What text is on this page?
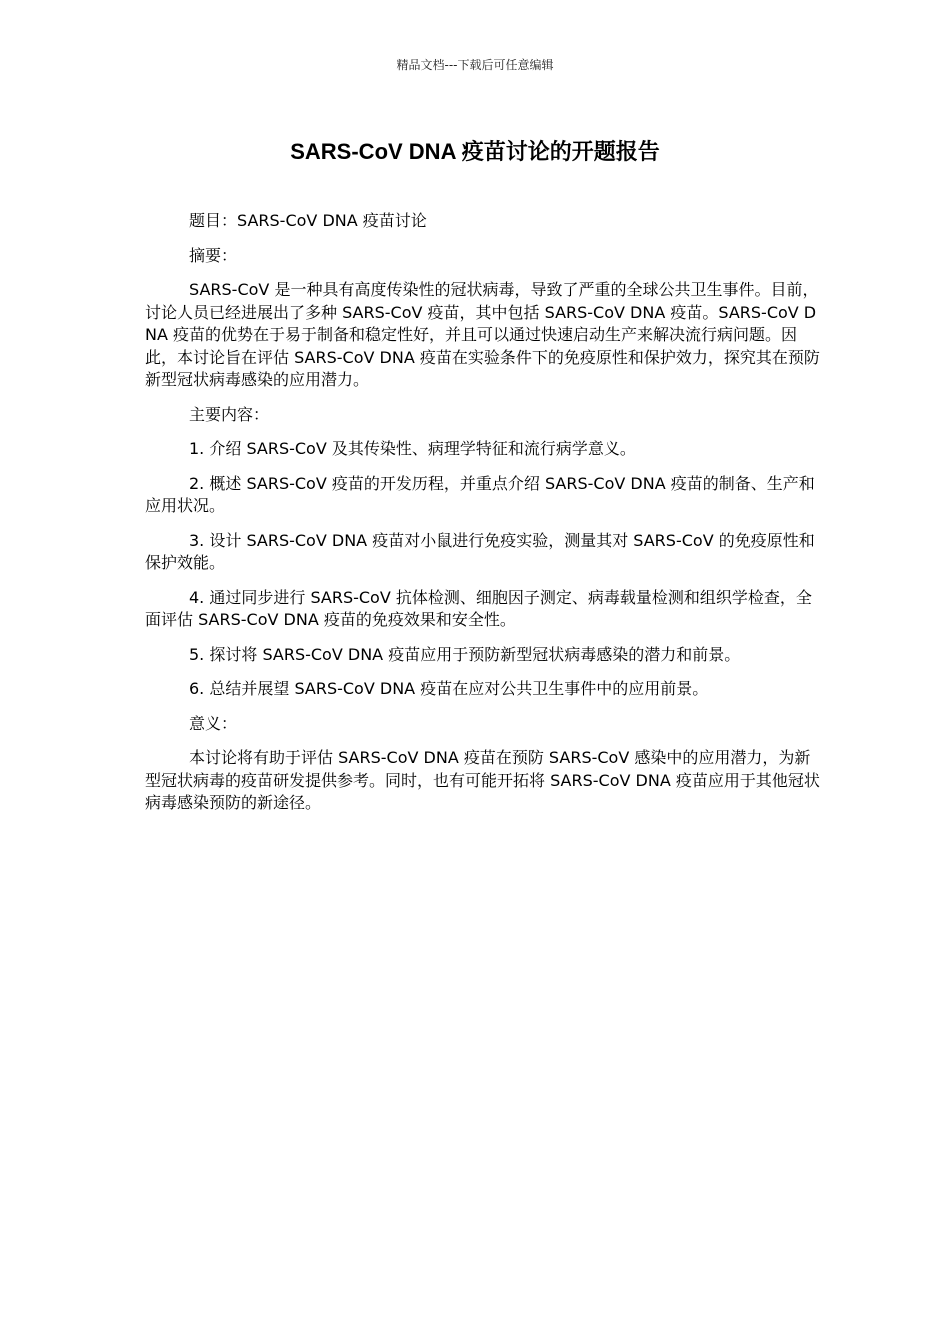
精品文档---下载后可任意编辑
SARS-CoV DNA 疫苗讨论的开题报告

题目：SARS-CoV DNA 疫苗讨论

摘要：

SARS-CoV 是一种具有高度传染性的冠状病毒，导致了严重的全球公共卫生事件。目前，讨论人员已经进展出了多种 SARS-CoV 疫苗，其中包括 SARS-CoV DNA 疫苗。SARS-CoV DNA 疫苗的优势在于易于制备和稳定性好，并且可以通过快速启动生产来解决流行病问题。因此，本讨论旨在评估 SARS-CoV DNA 疫苗在实验条件下的免疫原性和保护效力，探究其在预防新型冠状病毒感染的应用潜力。

主要内容：

1. 介绍 SARS-CoV 及其传染性、病理学特征和流行病学意义。

2. 概述 SARS-CoV 疫苗的开发历程，并重点介绍 SARS-CoV DNA 疫苗的制备、生产和应用状况。

3. 设计 SARS-CoV DNA 疫苗对小鼠进行免疫实验，测量其对 SARS-CoV 的免疫原性和保护效能。

4. 通过同步进行 SARS-CoV 抗体检测、细胞因子测定、病毒载量检测和组织学检查，全面评估 SARS-CoV DNA 疫苗的免疫效果和安全性。

5. 探讨将 SARS-CoV DNA 疫苗应用于预防新型冠状病毒感染的潜力和前景。

6. 总结并展望 SARS-CoV DNA 疫苗在应对公共卫生事件中的应用前景。

意义：

本讨论将有助于评估 SARS-CoV DNA 疫苗在预防 SARS-CoV 感染中的应用潜力，为新型冠状病毒的疫苗研发提供参考。同时，也有可能开拓将 SARS-CoV DNA 疫苗应用于其他冠状病毒感染预防的新途径。
